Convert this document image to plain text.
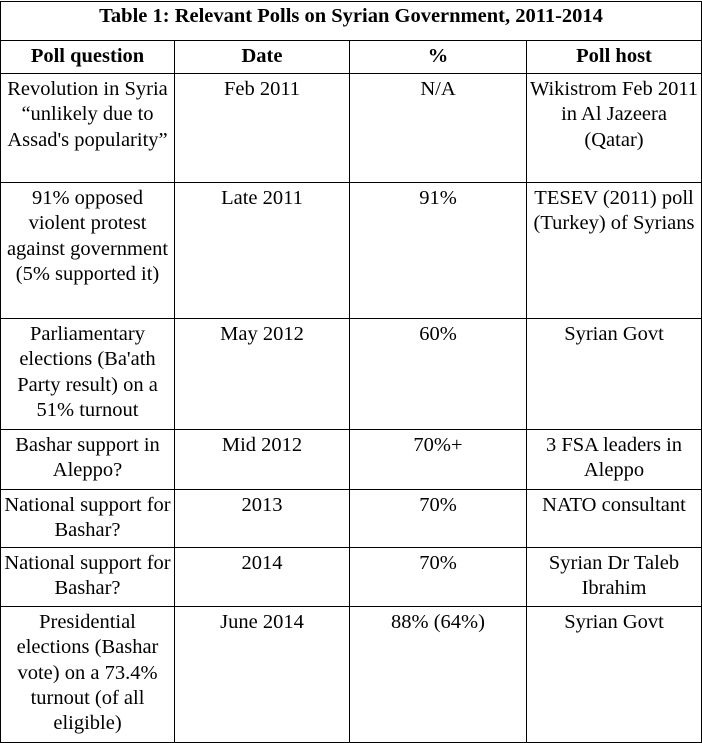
Table 1: Relevant Polls on Syrian Government, 2011-2014			
Poll question	Date	%	Poll host
Revolution in Syria “unlikely due to Assad's popularity”	Feb 2011	N/A	Wikistrom Feb 2011 in Al Jazeera (Qatar)
91% opposed violent protest against government (5% supported it)	Late 2011	91%	TESEV (2011) poll (Turkey) of Syrians
Parliamentary elections (Ba'ath Party result) on a 51% turnout	May 2012	60%	Syrian Govt
Bashar support in Aleppo?	Mid 2012	70%+	3 FSA leaders in Aleppo
National support for Bashar?	2013	70%	NATO consultant
National support for Bashar?	2014	70%	Syrian Dr Taleb Ibrahim
Presidential elections (Bashar vote) on a 73.4% turnout (of all eligible)	June 2014	88% (64%)	Syrian Govt
